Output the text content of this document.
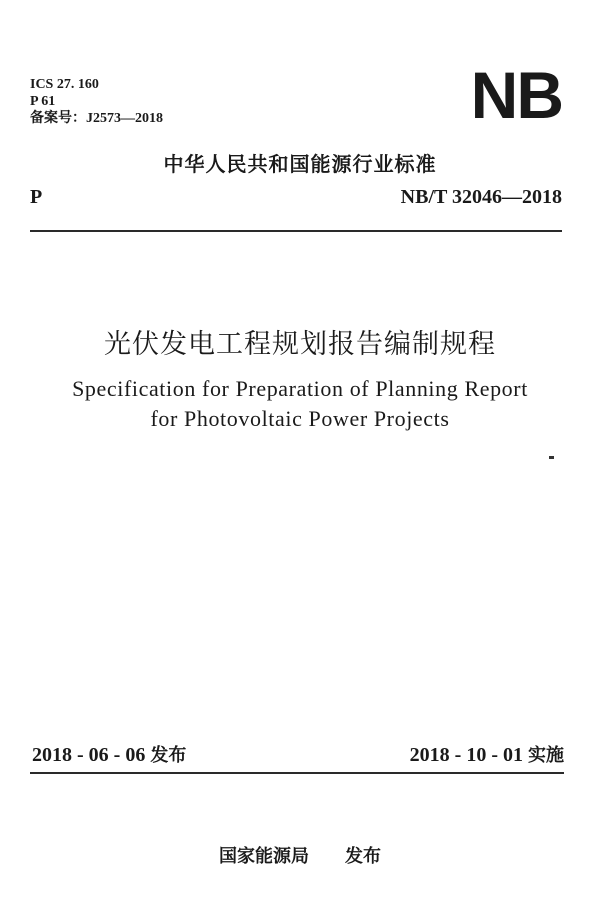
ICS 27. 160
P 61
备案号：J2573—2018	NB
中华人民共和国能源行业标准
P	NB/T 32046—2018
光伏发电工程规划报告编制规程
Specification for Preparation of Planning Report
for Photovoltaic Power Projects
2018 - 06 - 06 发布	2018 - 10 - 01 实施
国家能源局 发布
